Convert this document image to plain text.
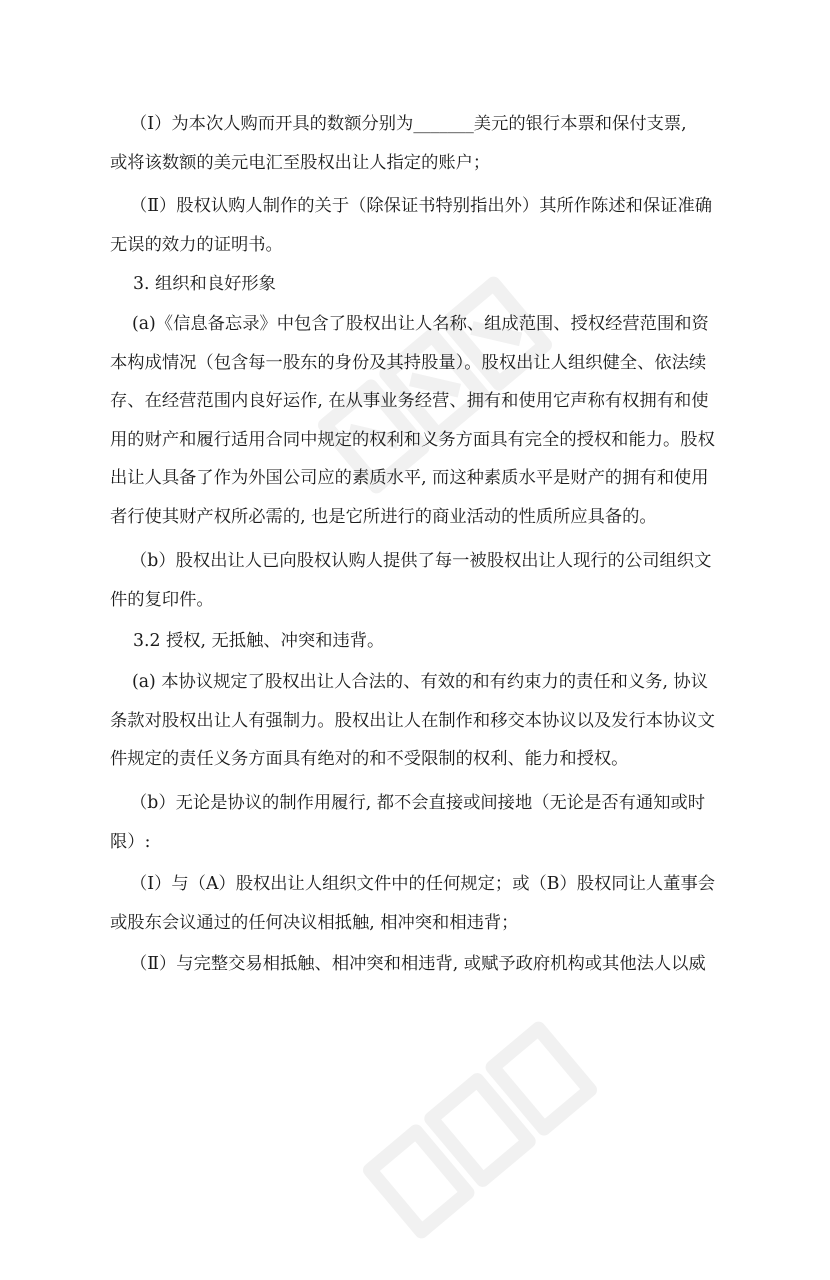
（Ⅰ）为本次人购而开具的数额分别为_______美元的银行本票和保付支票,
或将该数额的美元电汇至股权出让人指定的账户；
（Ⅱ）股权认购人制作的关于（除保证书特别指出外）其所作陈述和保证准确
无误的效力的证明书。
3. 组织和良好形象
(a)《信息备忘录》中包含了股权出让人名称、组成范围、授权经营范围和资
本构成情况（包含每一股东的身份及其持股量）。股权出让人组织健全、依法续
存、在经营范围内良好运作, 在从事业务经营、拥有和使用它声称有权拥有和使
用的财产和履行适用合同中规定的权利和义务方面具有完全的授权和能力。股权
出让人具备了作为外国公司应的素质水平, 而这种素质水平是财产的拥有和使用
者行使其财产权所必需的, 也是它所进行的商业活动的性质所应具备的。
（b）股权出让人已向股权认购人提供了每一被股权出让人现行的公司组织文
件的复印件。
3.2 授权, 无抵触、冲突和违背。
(a) 本协议规定了股权出让人合法的、有效的和有约束力的责任和义务, 协议
条款对股权出让人有强制力。股权出让人在制作和移交本协议以及发行本协议文
件规定的责任义务方面具有绝对的和不受限制的权利、能力和授权。
（b）无论是协议的制作用履行, 都不会直接或间接地（无论是否有通知或时
限）:
（Ⅰ）与（A）股权出让人组织文件中的任何规定；或（B）股权同让人董事会
或股东会议通过的任何决议相抵触, 相冲突和相违背；
（Ⅱ）与完整交易相抵触、相冲突和相违背, 或赋予政府机构或其他法人以威
